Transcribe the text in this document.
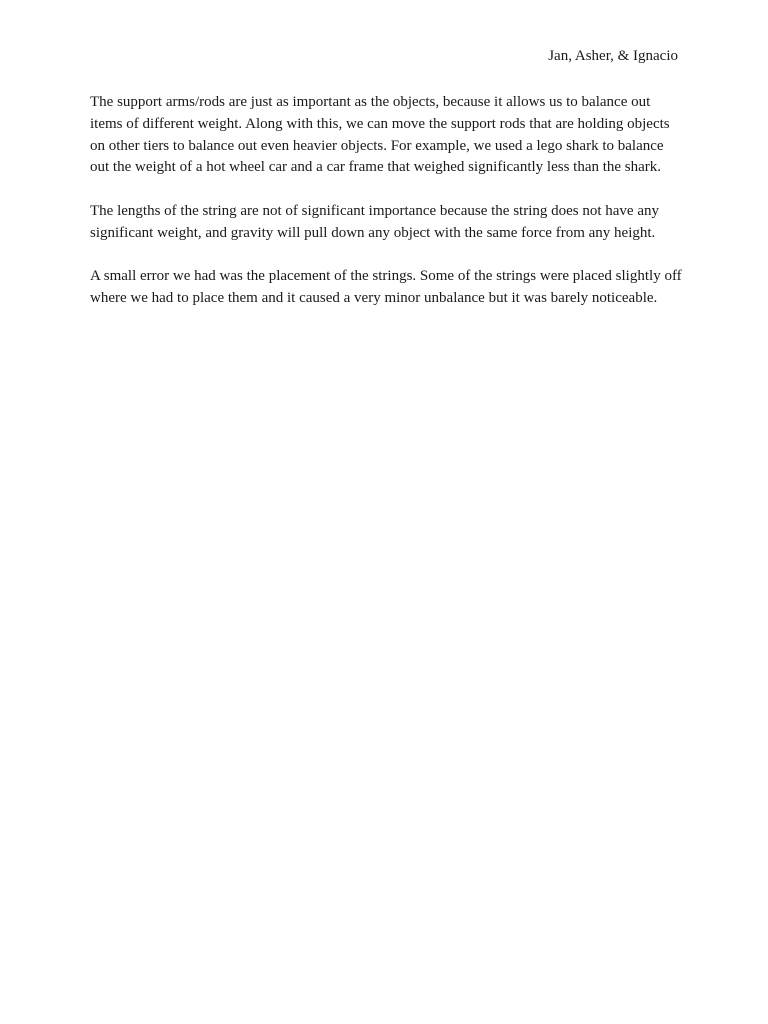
Jan, Asher, & Ignacio

The support arms/rods are just as important as the objects, because it allows us to balance out items of different weight. Along with this, we can move the support rods that are holding objects on other tiers to balance out even heavier objects. For example, we used a lego shark to balance out the weight of a hot wheel car and a car frame that weighed significantly less than the shark.

The lengths of the string are not of significant importance because the string does not have any significant weight, and gravity will pull down any object with the same force from any height.

A small error we had was the placement of the strings. Some of the strings were placed slightly off where we had to place them and it caused a very minor unbalance but it was barely noticeable.
